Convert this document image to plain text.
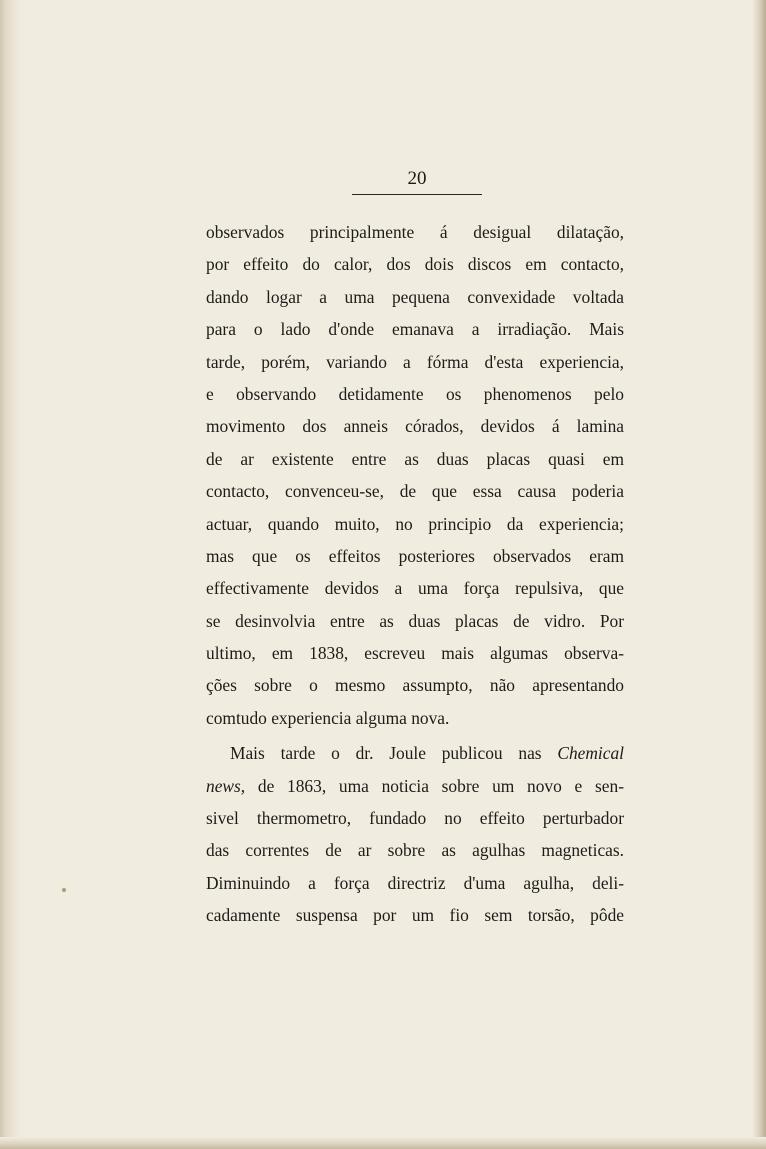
20
observados principalmente á desigual dilatação,
por effeito do calor, dos dois discos em contacto,
dando logar a uma pequena convexidade voltada
para o lado d'onde emanava a irradiação. Mais
tarde, porém, variando a fórma d'esta experiencia,
e observando detidamente os phenomenos pelo
movimento dos anneis córados, devidos á lamina
de ar existente entre as duas placas quasi em
contacto, convenceu-se, de que essa causa poderia
actuar, quando muito, no principio da experiencia;
mas que os effeitos posteriores observados eram
effectivamente devidos a uma força repulsiva, que
se desinvolvia entre as duas placas de vidro. Por
ultimo, em 1838, escreveu mais algumas observa-
ções sobre o mesmo assumpto, não apresentando
comtudo experiencia alguma nova.
Mais tarde o dr. Joule publicou nas Chemical
news, de 1863, uma noticia sobre um novo e sen-
sivel thermometro, fundado no effeito perturbador
das correntes de ar sobre as agulhas magneticas.
Diminuindo a força directriz d'uma agulha, deli-
cadamente suspensa por um fio sem torsão, pôde
